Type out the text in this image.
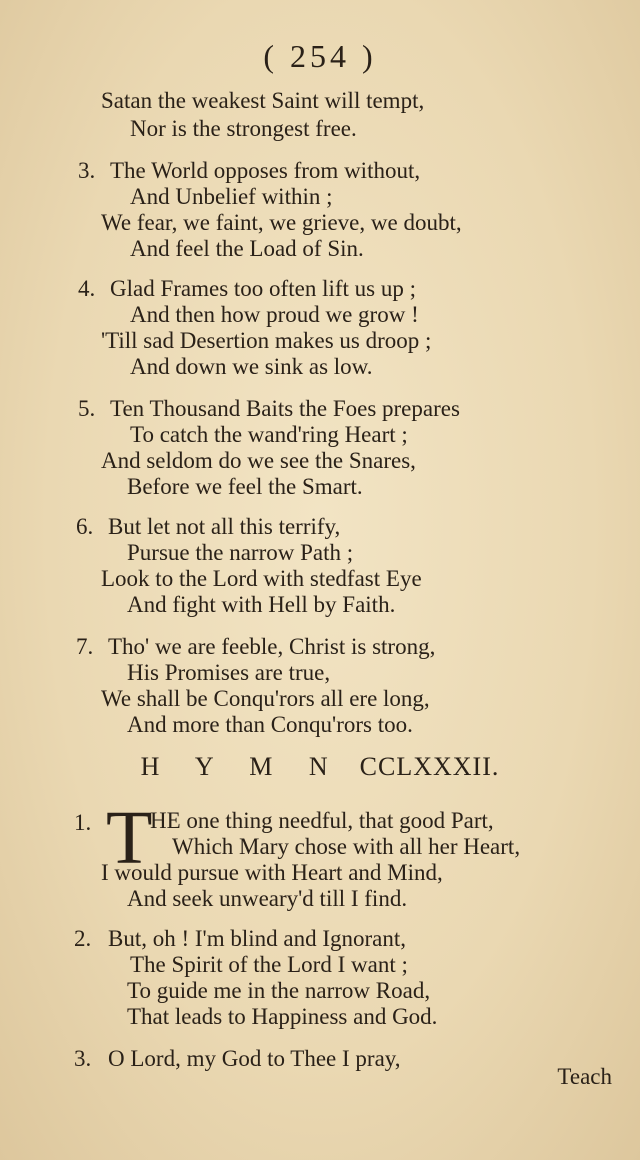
( 254 )
Satan the weakest Saint will tempt,
Nor is the strongest free.
3. The World opposes from without,
And Unbelief within ;
We fear, we faint, we grieve, we doubt,
And feel the Load of Sin.
4. Glad Frames too often lift us up ;
And then how proud we grow !
'Till sad Desertion makes us droop ;
And down we sink as low.
5. Ten Thousand Baits the Foes prepares
To catch the wand'ring Heart ;
And seldom do we see the Snares,
Before we feel the Smart.
6. But let not all this terrify,
Pursue the narrow Path ;
Look to the Lord with stedfast Eye
And fight with Hell by Faith.
7. Tho' we are feeble, Christ is strong,
His Promises are true,
We shall be Conqu'rors all ere long,
And more than Conqu'rors too.
H Y M N CCLXXXII.
1. T
HE one thing needful, that good Part,
Which Mary chose with all her Heart,
I would pursue with Heart and Mind,
And seek unweary'd till I find.
2. But, oh ! I'm blind and Ignorant,
The Spirit of the Lord I want ;
To guide me in the narrow Road,
That leads to Happiness and God.
3. O Lord, my God to Thee I pray,
Teach
